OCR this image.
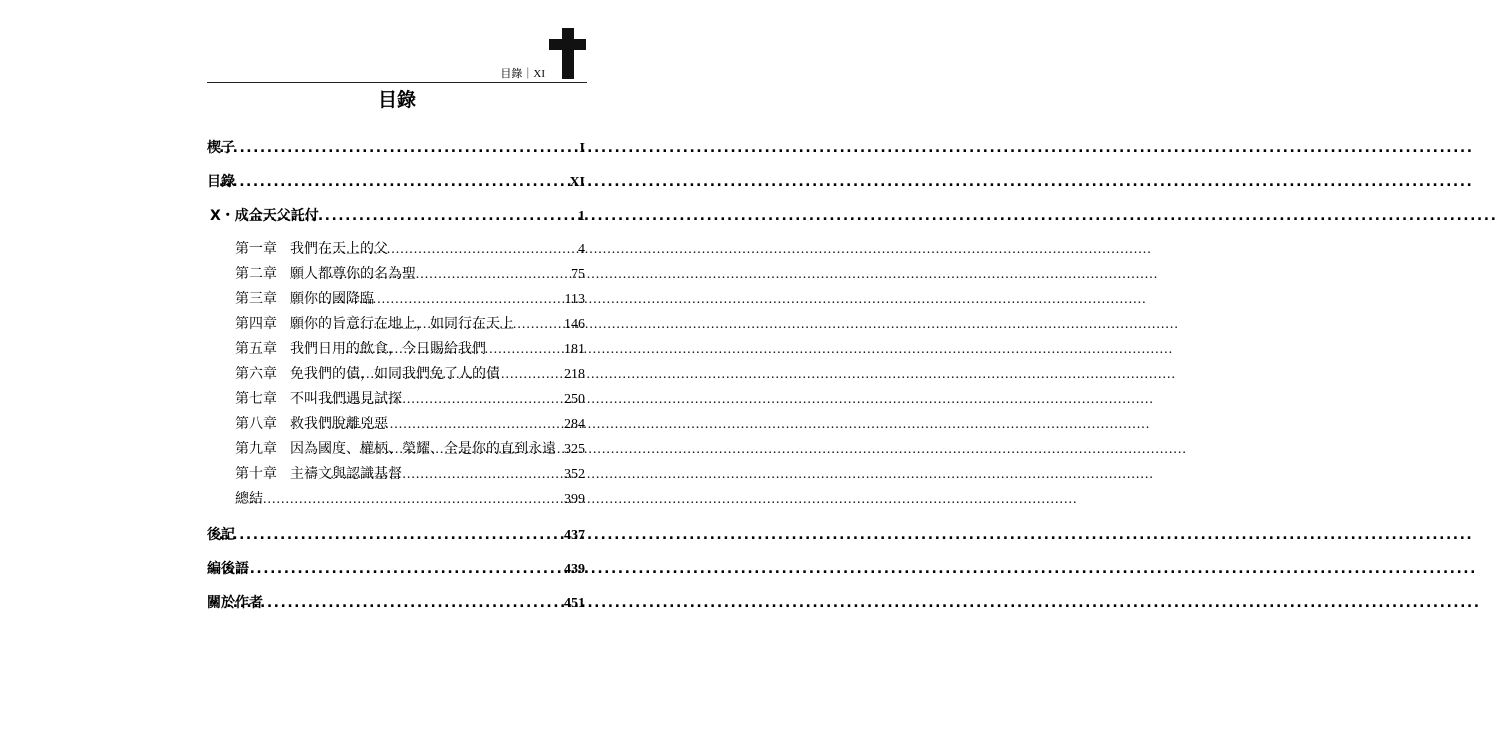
目錄｜XI
目錄
楔子 .....	I
目錄 .....	XI
X・成全天父託付 .....	1
第一章 我們在天上的父 .....	4
第二章 願人都尊你的名為聖 .....	75
第三章 願你的國降臨 .....	113
第四章 願你的旨意行在地上，如同行在天上 .....	146
第五章 我們日用的飲食，今日賜給我們 .....	181
第六章 免我們的債，如同我們免了人的債 .....	218
第七章 不叫我們遇見試探 .....	250
第八章 救我們脫離兇惡 .....	284
第九章 因為國度、權柄、榮耀、全是你的直到永遠 ..... 325
第十章 主禱文與認識基督 .....	352
總結 .....	399
後記 .....	437
編後語 .....	439
關於作者 .....	451
